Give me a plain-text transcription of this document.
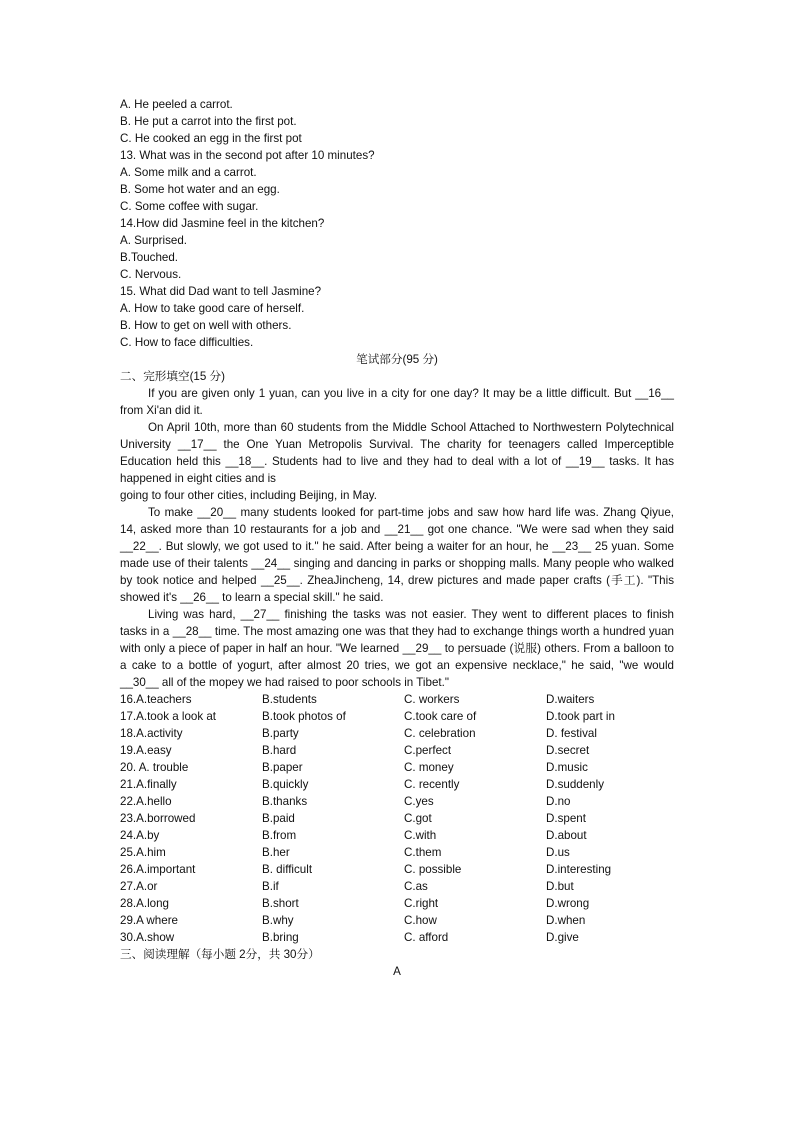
A. He peeled a carrot.
B. He put a carrot into the first pot.
C. He cooked an egg in the first pot
13. What was in the second pot after 10 minutes?
A. Some milk and a carrot.
B. Some hot water and an egg.
C. Some coffee with sugar.
14.How did Jasmine feel in the kitchen?
A. Surprised.
B.Touched.
C. Nervous.
15. What did Dad want to tell Jasmine?
A. How to take good care of herself.
B. How to get on well with others.
C. How to face difficulties.
笔试部分(95 分)
二、完形填空(15 分)
If you are given only 1 yuan, can you live in a city for one day? It may be a little difficult. But __16__ from Xi'an did it.
On April 10th, more than 60 students from the Middle School Attached to Northwestern Polytechnical University __17__ the One Yuan Metropolis Survival. The charity for teenagers called Imperceptible Education held this __18__. Students had to live and they had to deal with a lot of __19__ tasks. It has happened in eight cities and is
going to four other cities, including Beijing, in May.
To make __20__ many students looked for part-time jobs and saw how hard life was. Zhang Qiyue, 14, asked more than 10 restaurants for a job and __21__ got one chance. "We were sad when they said __22__. But slowly, we got used to it." he said. After being a waiter for an hour, he __23__ 25 yuan. Some made use of their talents __24__ singing and dancing in parks or shopping malls. Many people who walked by took notice and helped __25__. ZheaJincheng, 14, drew pictures and made paper crafts (手工). "This showed it's __26__ to learn a special skill." he said.
Living was hard, __27__ finishing the tasks was not easier. They went to different places to finish tasks in a __28__ time. The most amazing one was that they had to exchange things worth a hundred yuan with only a piece of paper in half an hour. "We learned __29__ to persuade (说服) others. From a balloon to a cake to a bottle of yogurt, after almost 20 tries, we got an expensive necklace," he said, "we would __30__ all of the mopey we had raised to poor schools in Tibet."
16.A.teachers	B.students	C. workers	D.waiters
17.A.took a look at	B.took photos of	C.took care of	D.took part in
18.A.activity	B.party	C. celebration	D. festival
19.A.easy	B.hard	C.perfect	D.secret
20. A. trouble	B.paper	C. money	D.music
21.A.finally	B.quickly	C. recently	D.suddenly
22.A.hello	B.thanks	C.yes	D.no
23.A.borrowed	B.paid	C.got	D.spent
24.A.by	B.from	C.with	D.about
25.A.him	B.her	C.them	D.us
26.A.important	B. difficult	C. possible	D.interesting
27.A.or	B.if	C.as	D.but
28.A.long	B.short	C.right	D.wrong
29.A where	B.why	C.how	D.when
30.A.show	B.bring	C. afford	D.give
三、阅读理解（每小题 2分，共 30分）
A
